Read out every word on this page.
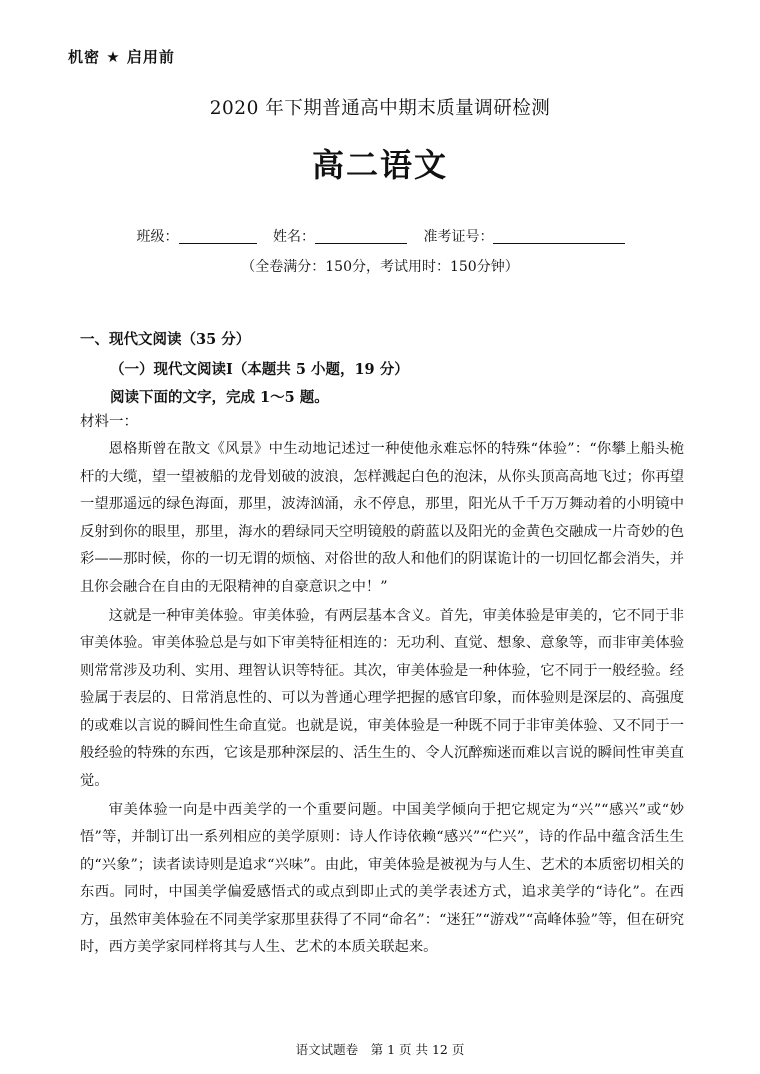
机密 ★ 启用前
2020 年下期普通高中期末质量调研检测
高二语文
班级：	姓名：	准考证号：
（全卷满分：150分，考试用时：150分钟）
一、现代文阅读（35 分）
（一）现代文阅读Ⅰ（本题共 5 小题，19 分）
阅读下面的文字，完成 1～5 题。
材料一：

恩格斯曾在散文《风景》中生动地记述过一种使他永难忘怀的特殊“体验”：“你攀上船头桅杆的大缆，望一望被船的龙骨划破的波浪，怎样溅起白色的泡沫，从你头顶高高地飞过；你再望一望那遥远的绿色海面，那里，波涛汹涌，永不停息，那里，阳光从千千万万舞动着的小明镜中反射到你的眼里，那里，海水的碧绿同天空明镜般的蔚蓝以及阳光的金黄色交融成一片奇妙的色彩——那时候，你的一切无谓的烦恼、对俗世的敌人和他们的阴谋诡计的一切回忆都会消失，并且你会融合在自由的无限精神的自豪意识之中！”

这就是一种审美体验。审美体验，有两层基本含义。首先，审美体验是审美的，它不同于非审美体验。审美体验总是与如下审美特征相连的：无功利、直觉、想象、意象等，而非审美体验则常常涉及功利、实用、理智认识等特征。其次，审美体验是一种体验，它不同于一般经验。经验属于表层的、日常消息性的、可以为普通心理学把握的感官印象，而体验则是深层的、高强度的或难以言说的瞬间性生命直觉。也就是说，审美体验是一种既不同于非审美体验、又不同于一般经验的特殊的东西，它该是那种深层的、活生生的、令人沉醉痴迷而难以言说的瞬间性审美直觉。

审美体验一向是中西美学的一个重要问题。中国美学倾向于把它规定为“兴”“感兴”或“妙悟”等，并制订出一系列相应的美学原则：诗人作诗依赖“感兴”“伫兴”，诗的作品中蕴含活生生的“兴象”；读者读诗则是追求“兴味”。由此，审美体验是被视为与人生、艺术的本质密切相关的东西。同时，中国美学偏爱感悟式的或点到即止式的美学表述方式，追求美学的“诗化”。在西方，虽然审美体验在不同美学家那里获得了不同“命名”：“迷狂”“游戏”“高峰体验”等，但在研究时，西方美学家同样将其与人生、艺术的本质关联起来。

语文试题卷　第 1 页 共 12 页
